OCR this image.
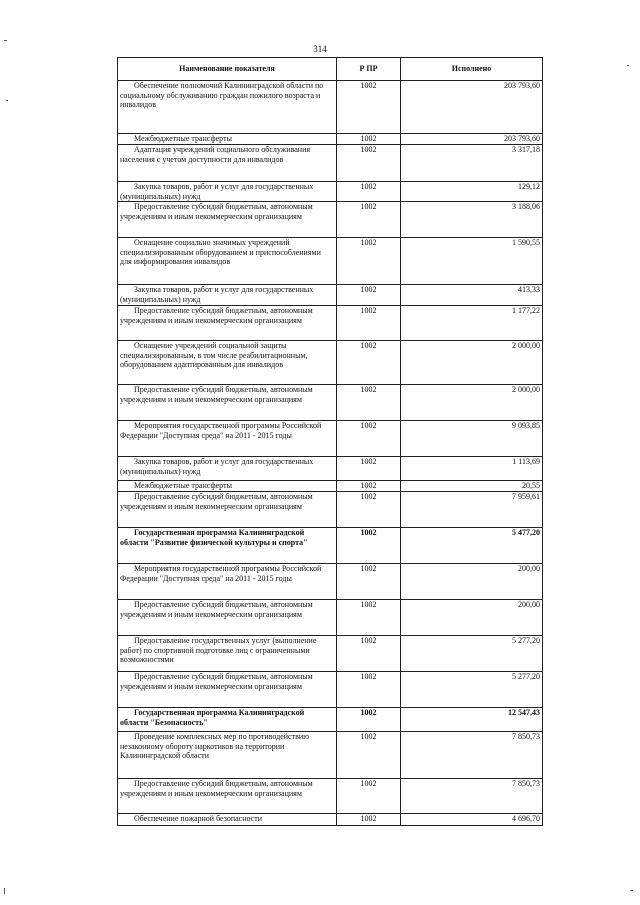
314
Наименование показателя	Р ПР	Исполнено
Обеспечение полномочий Калининградской области по социальному обслуживанию граждан пожилого возраста и инвалидов	1002	203 793,60
Межбюджетные трансферты	1002	203 793,60
Адаптация учреждений социального обслуживания населения с учетом доступности для инвалидов	1002	3 317,18
Закупка товаров, работ и услуг для государственных (муниципальных) нужд	1002	129,12
Предоставление субсидий бюджетным, автономным учреждениям и иным некоммерческим организациям	1002	3 188,06
Оснащение социально значимых учреждений специализированным оборудованием и приспособлениями для информирования инвалидов	1002	1 590,55
Закупка товаров, работ и услуг для государственных (муниципальных) нужд	1002	413,33
Предоставление субсидий бюджетным, автономным учреждениям и иным некоммерческим организациям	1002	1 177,22
Оснащение учреждений социальной защиты специализированным, в том числе реабилитационным, оборудованием адаптированным для инвалидов	1002	2 000,00
Предоставление субсидий бюджетным, автономным учреждениям и иным некоммерческим организациям	1002	2 000,00
Мероприятия государственной программы Российской Федерации "Доступная среда" на 2011 - 2015 годы	1002	9 093,85
Закупка товаров, работ и услуг для государственных (муниципальных) нужд	1002	1 113,69
Межбюджетные трансферты	1002	20,55
Предоставление субсидий бюджетным, автономным учреждениям и иным некоммерческим организациям	1002	7 959,61
Государственная программа Калининградской области "Развитие физической культуры и спорта"	1002	5 477,20
Мероприятия государственной программы Российской Федерации "Доступная среда" на 2011 - 2015 годы	1002	200,00
Предоставление субсидий бюджетным, автономным учреждениям и иным некоммерческим организациям	1002	200,00
Предоставление государственных услуг (выполнение работ) по спортивной подготовке лиц с ограниченными возможностями	1002	5 277,20
Предоставление субсидий бюджетным, автономным учреждениям и иным некоммерческим организациям	1002	5 277,20
Государственная программа Калининградской области "Безопасность"	1002	12 547,43
Проведение комплексных мер по противодействию незаконному обороту наркотиков на территории Калининградской области	1002	7 850,73
Предоставление субсидий бюджетным, автономным учреждениям и иным некоммерческим организациям	1002	7 850,73
Обеспечение пожарной безопасности	1002	4 696,70
